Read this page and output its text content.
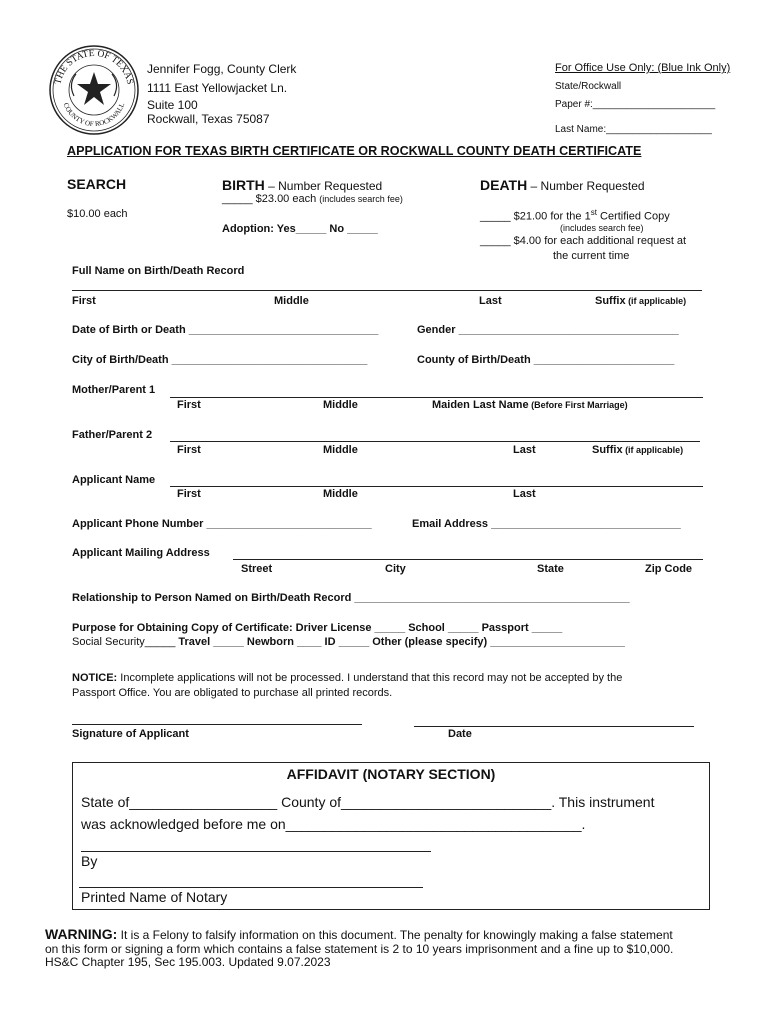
THE STATE OF TEXAS
COUNTY OF ROCKWALL
Jennifer Fogg, County Clerk
1111 East Yellowjacket Ln.
Suite 100
Rockwall, Texas 75087
For Office Use Only: (Blue Ink Only)
State/Rockwall
Paper #:______________________
Last Name:___________________
APPLICATION FOR TEXAS BIRTH CERTIFICATE OR ROCKWALL COUNTY DEATH CERTIFICATE
SEARCH
$10.00 each
BIRTH – Number Requested
_____ $23.00 each (includes search fee)
Adoption: Yes_____ No _____
DEATH – Number Requested
_____ $21.00 for the 1st Certified Copy
(includes search fee)
_____ $4.00 for each additional request at
the current time
Full Name on Birth/Death Record
First	Middle	Last	Suffix (if applicable)
Date of Birth or Death _______________________________	Gender ____________________________________
City of Birth/Death ________________________________	County of Birth/Death _______________________
Mother/Parent 1
First	Middle	Maiden Last Name (Before First Marriage)
Father/Parent 2
First	Middle	Last	Suffix (if applicable)
Applicant Name
First	Middle	Last
Applicant Phone Number ___________________________	Email Address _______________________________
Applicant Mailing Address
Street	City	State	Zip Code
Relationship to Person Named on Birth/Death Record _____________________________________________
Purpose for Obtaining Copy of Certificate: Driver License _____ School _____ Passport _____
Social Security_____ Travel _____ Newborn ____ ID _____ Other (please specify) ______________________
NOTICE: Incomplete applications will not be processed. I understand that this record may not be accepted by the
Passport Office. You are obligated to purchase all printed records.
Signature of Applicant	Date
AFFIDAVIT (NOTARY SECTION)
State of___________________ County of___________________________. This instrument
was acknowledged before me on______________________________________.
By
Printed Name of Notary
WARNING: It is a Felony to falsify information on this document. The penalty for knowingly making a false statement
on this form or signing a form which contains a false statement is 2 to 10 years imprisonment and a fine up to $10,000.
HS&C Chapter 195, Sec 195.003. Updated 9.07.2023
